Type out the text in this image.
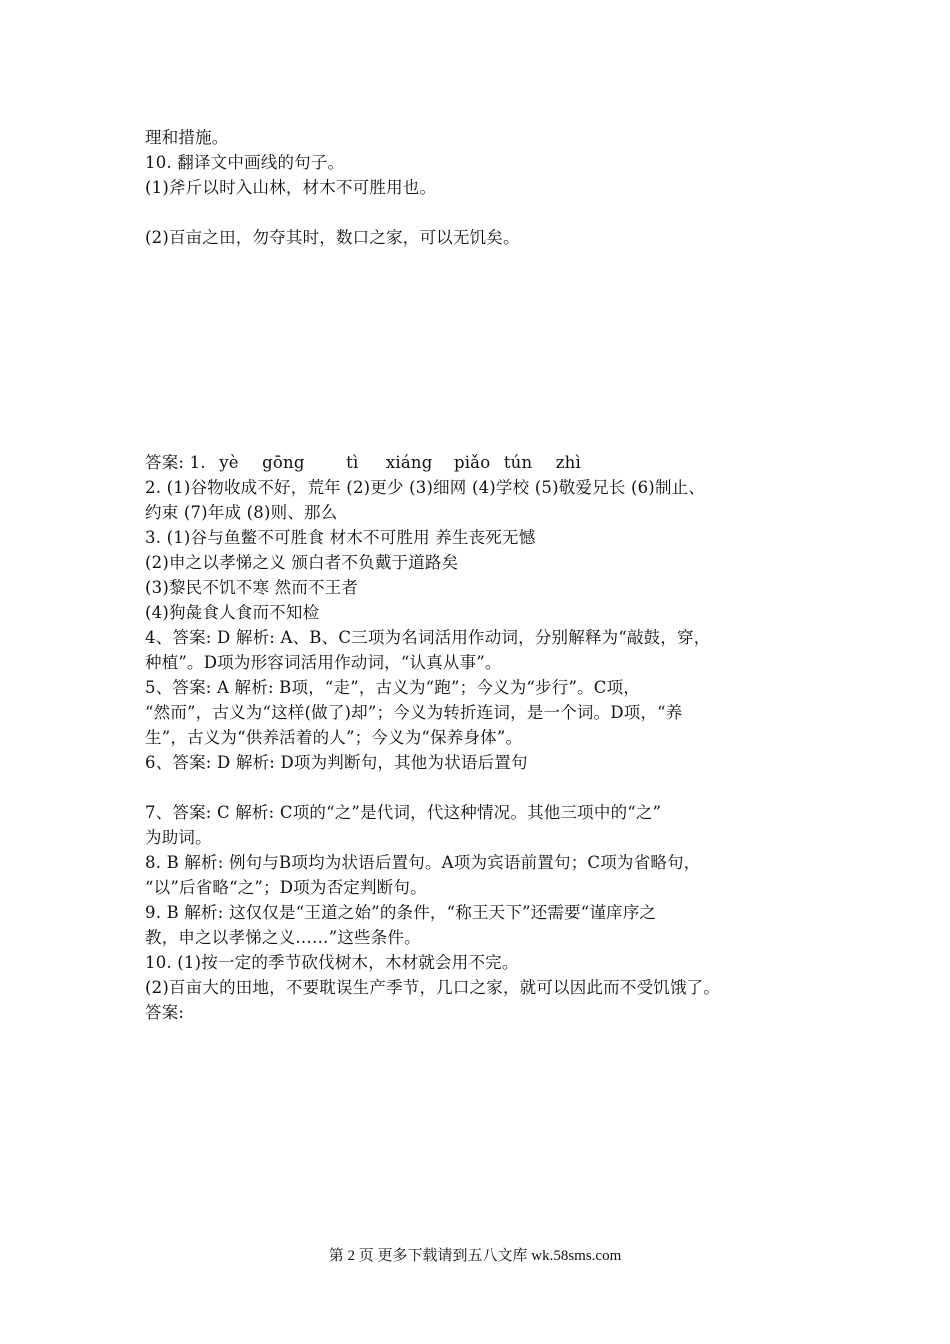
理和措施。
10. 翻译文中画线的句子。
(1)斧斤以时入山林，材木不可胜用也。
(2)百亩之田，勿夺其时，数口之家，可以无饥矣。
答案: 1. yè gōng	tì xiáng piǎo tún zhì
2. (1)谷物收成不好，荒年 (2)更少 (3)细网 (4)学校 (5)敬爱兄长 (6)制止、
约束 (7)年成 (8)则、那么
3. (1)谷与鱼鳖不可胜食 材木不可胜用 养生丧死无憾
(2)申之以孝悌之义 颁白者不负戴于道路矣
(3)黎民不饥不寒 然而不王者
(4)狗彘食人食而不知检
4、答案: D 解析: A、B、C三项为名词活用作动词，分别解释为“敲鼓，穿，
种植”。D项为形容词活用作动词，“认真从事”。
5、答案: A 解析: B项，“走”，古义为“跑”；今义为“步行”。C项，
“然而”，古义为“这样(做了)却”；今义为转折连词，是一个词。D项，“养
生”，古义为“供养活着的人”；今义为“保养身体”。
6、答案: D 解析: D项为判断句，其他为状语后置句
7、答案: C 解析: C项的“之”是代词，代这种情况。其他三项中的“之”
为助词。
8. B 解析: 例句与B项均为状语后置句。A项为宾语前置句；C项为省略句，
“以”后省略“之”；D项为否定判断句。
9. B 解析: 这仅仅是“王道之始”的条件，“称王天下”还需要“谨庠序之
教，申之以孝悌之义……”这些条件。
10. (1)按一定的季节砍伐树木，木材就会用不完。
(2)百亩大的田地，不要耽误生产季节，几口之家，就可以因此而不受饥饿了。
答案:
第 2 页 更多下载请到五八文库 wk.58sms.com
